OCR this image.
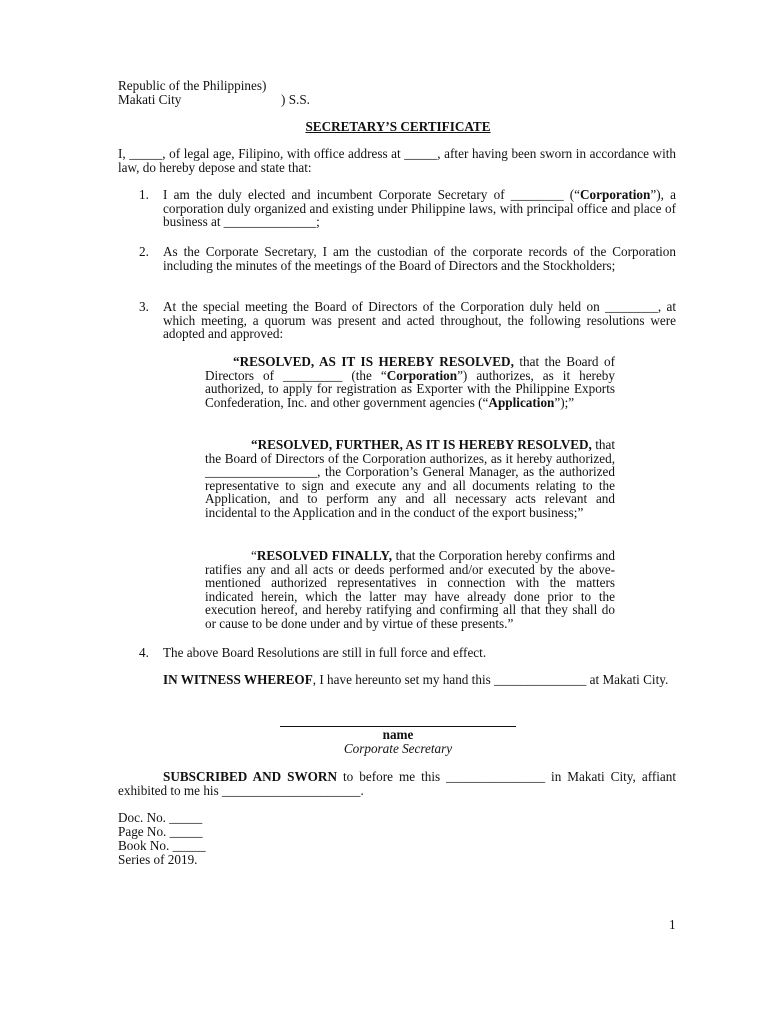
Republic of the Philippines)
Makati City	) S.S.
SECRETARY’S CERTIFICATE
I, _____, of legal age, Filipino, with office address at _____, after having been sworn in accordance with law, do hereby depose and state that:
1.	I am the duly elected and incumbent Corporate Secretary of ________ (“Corporation”), a corporation duly organized and existing under Philippine laws, with principal office and place of business at ______________;
2.	As the Corporate Secretary, I am the custodian of the corporate records of the Corporation including the minutes of the meetings of the Board of Directors and the Stockholders;
3.	At the special meeting the Board of Directors of the Corporation duly held on ________, at which meeting, a quorum was present and acted throughout, the following resolutions were adopted and approved:
“RESOLVED, AS IT IS HEREBY RESOLVED, that the Board of Directors of _________ (the “Corporation”) authorizes, as it hereby authorized, to apply for registration as Exporter with the Philippine Exports Confederation, Inc. and other government agencies (“Application”);”
“RESOLVED, FURTHER, AS IT IS HEREBY RESOLVED, that the Board of Directors of the Corporation authorizes, as it hereby authorized, _________________, the Corporation’s General Manager, as the authorized representative to sign and execute any and all documents relating to the Application, and to perform any and all necessary acts relevant and incidental to the Application and in the conduct of the export business;”
“RESOLVED FINALLY, that the Corporation hereby confirms and ratifies any and all acts or deeds performed and/or executed by the above-mentioned authorized representatives in connection with the matters indicated herein, which the latter may have already done prior to the execution hereof, and hereby ratifying and confirming all that they shall do or cause to be done under and by virtue of these presents.”
4.	The above Board Resolutions are still in full force and effect.
IN WITNESS WHEREOF, I have hereunto set my hand this ______________ at Makati City.
name
Corporate Secretary
SUBSCRIBED AND SWORN to before me this _______________ in Makati City, affiant exhibited to me his _____________________.
Doc. No. _____
Page No. _____
Book No. _____
Series of 2019.
1
